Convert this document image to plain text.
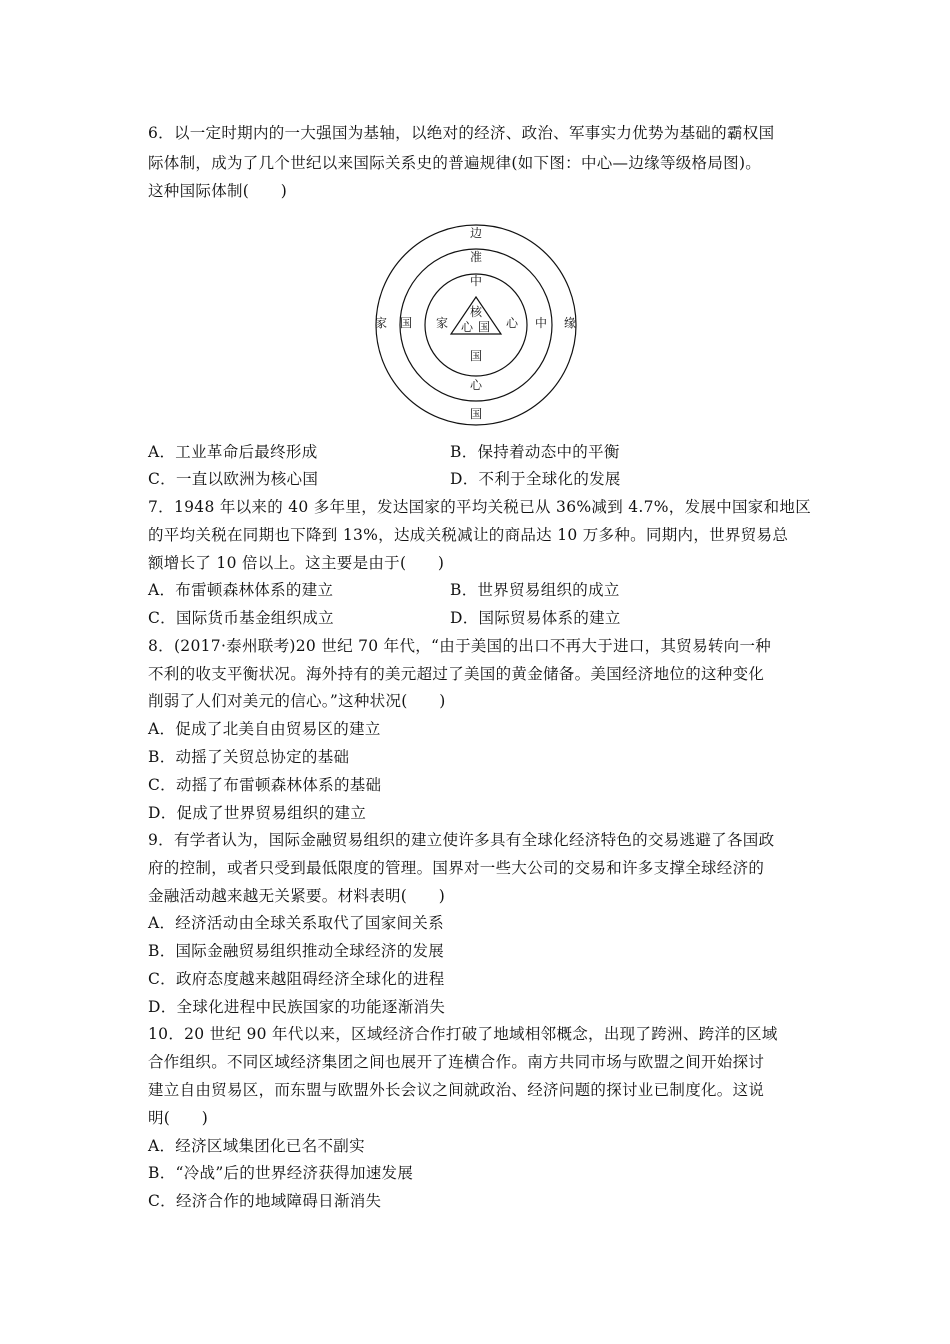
6．以一定时期内的一大强国为基轴，以绝对的经济、政治、军事实力优势为基础的霸权国
际体制，成为了几个世纪以来国际关系史的普遍规律(如下图：中心—边缘等级格局图)。
这种国际体制(　　)
边
家	缘
国
准
国	中
心
中
家	心
国
核
心 国
A．工业革命后最终形成	B．保持着动态中的平衡
C．一直以欧洲为核心国	D．不利于全球化的发展
7．1948 年以来的 40 多年里，发达国家的平均关税已从 36%减到 4.7%，发展中国家和地区
的平均关税在同期也下降到 13%，达成关税减让的商品达 10 万多种。同期内，世界贸易总
额增长了 10 倍以上。这主要是由于(　　)
A．布雷顿森林体系的建立	B．世界贸易组织的成立
C．国际货币基金组织成立	D．国际贸易体系的建立
8．(2017·泰州联考)20 世纪 70 年代，“由于美国的出口不再大于进口，其贸易转向一种
不利的收支平衡状况。海外持有的美元超过了美国的黄金储备。美国经济地位的这种变化
削弱了人们对美元的信心。”这种状况(　　)
A．促成了北美自由贸易区的建立
B．动摇了关贸总协定的基础
C．动摇了布雷顿森林体系的基础
D．促成了世界贸易组织的建立
9．有学者认为，国际金融贸易组织的建立使许多具有全球化经济特色的交易逃避了各国政
府的控制，或者只受到最低限度的管理。国界对一些大公司的交易和许多支撑全球经济的
金融活动越来越无关紧要。材料表明(　　)
A．经济活动由全球关系取代了国家间关系
B．国际金融贸易组织推动全球经济的发展
C．政府态度越来越阻碍经济全球化的进程
D．全球化进程中民族国家的功能逐渐消失
10．20 世纪 90 年代以来，区域经济合作打破了地域相邻概念，出现了跨洲、跨洋的区域
合作组织。不同区域经济集团之间也展开了连横合作。南方共同市场与欧盟之间开始探讨
建立自由贸易区，而东盟与欧盟外长会议之间就政治、经济问题的探讨业已制度化。这说
明(　　)
A．经济区域集团化已名不副实
B．“冷战”后的世界经济获得加速发展
C．经济合作的地域障碍日渐消失
